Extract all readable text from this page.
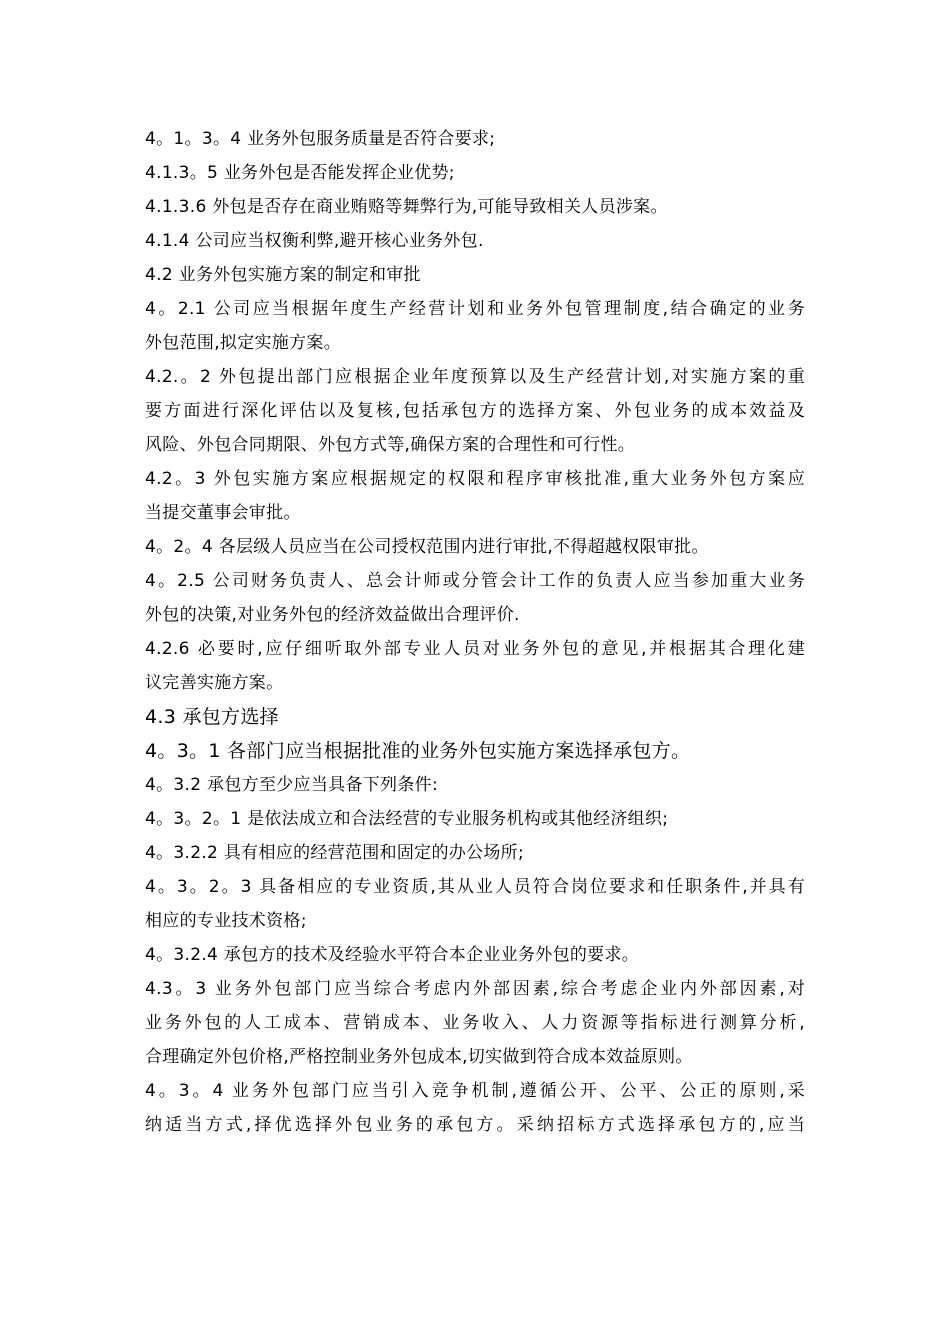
4。1。3。4 业务外包服务质量是否符合要求;
4.1.3。5 业务外包是否能发挥企业优势;
4.1.3.6 外包是否存在商业贿赂等舞弊行为,可能导致相关人员涉案。
4.1.4 公司应当权衡利弊,避开核心业务外包.
4.2 业务外包实施方案的制定和审批
4。2.1 公司应当根据年度生产经营计划和业务外包管理制度,结合确定的业务
外包范围,拟定实施方案。
4.2.。2 外包提出部门应根据企业年度预算以及生产经营计划,对实施方案的重
要方面进行深化评估以及复核,包括承包方的选择方案、外包业务的成本效益及
风险、外包合同期限、外包方式等,确保方案的合理性和可行性。
4.2。3 外包实施方案应根据规定的权限和程序审核批准,重大业务外包方案应
当提交董事会审批。
4。2。4 各层级人员应当在公司授权范围内进行审批,不得超越权限审批。
4。2.5 公司财务负责人、总会计师或分管会计工作的负责人应当参加重大业务
外包的决策,对业务外包的经济效益做出合理评价.
4.2.6 必要时,应仔细听取外部专业人员对业务外包的意见,并根据其合理化建
议完善实施方案。
4.3 承包方选择
4。3。1 各部门应当根据批准的业务外包实施方案选择承包方。
4。3.2 承包方至少应当具备下列条件:
4。3。2。1 是依法成立和合法经营的专业服务机构或其他经济组织;
4。3.2.2 具有相应的经营范围和固定的办公场所;
4。3。2。3 具备相应的专业资质,其从业人员符合岗位要求和任职条件,并具有
相应的专业技术资格;
4。3.2.4 承包方的技术及经验水平符合本企业业务外包的要求。
4.3。3 业务外包部门应当综合考虑内外部因素,综合考虑企业内外部因素,对
业务外包的人工成本、营销成本、业务收入、人力资源等指标进行测算分析,
合理确定外包价格,严格控制业务外包成本,切实做到符合成本效益原则。
4。3。4 业务外包部门应当引入竞争机制,遵循公开、公平、公正的原则,采
纳适当方式,择优选择外包业务的承包方。采纳招标方式选择承包方的,应当
